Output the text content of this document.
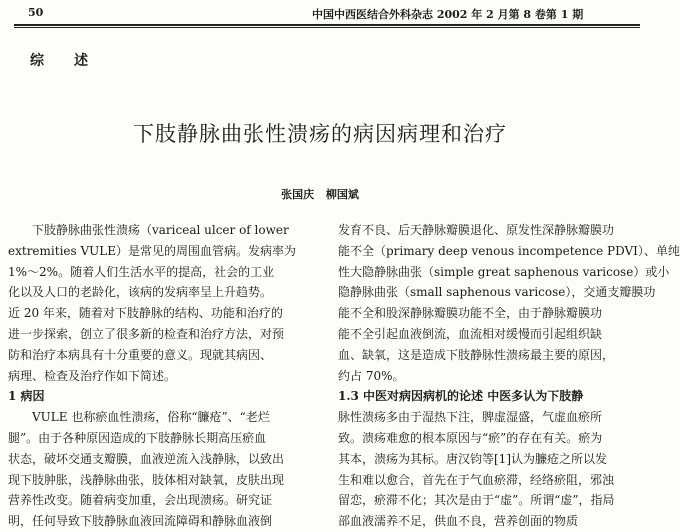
50	中国中西医结合外科杂志 2002 年 2 月第 8 卷第 1 期
综述
下肢静脉曲张性溃疡的病因病理和治疗
张国庆 柳国斌
下肢静脉曲张性溃疡（variceal ulcer of lower
extremities VULE）是常见的周围血管病。发病率为
1%～2%。随着人们生活水平的提高，社会的工业
化以及人口的老龄化，该病的发病率呈上升趋势。
近 20 年来，随着对下肢静脉的结构、功能和治疗的
进一步探索，创立了很多新的检查和治疗方法，对预
防和治疗本病具有十分重要的意义。现就其病因、
病理、检查及治疗作如下简述。
1 病因
VULE 也称瘀血性溃疡，俗称“臁疮”、“老烂
腿”。由于各种原因造成的下肢静脉长期高压瘀血
状态，破坏交通支瓣膜，血液逆流入浅静脉，以致出
现下肢肿胀，浅静脉曲张，肢体相对缺氧，皮肤出现
营养性改变。随着病变加重，会出现溃疡。研究证
明，任何导致下肢静脉血液回流障碍和静脉血液倒
发育不良、后天静脉瓣膜退化、原发性深静脉瓣膜功
能不全（primary deep venous incompetence PDVI）、单纯
性大隐静脉曲张（simple great saphenous varicose）或小
隐静脉曲张（small saphenous varicose），交通支瓣膜功
能不全和股深静脉瓣膜功能不全，由于静脉瓣膜功
能不全引起血液倒流，血流相对缓慢而引起组织缺
血、缺氧，这是造成下肢静脉性溃疡最主要的原因，
约占 70%。
1.3 中医对病因病机的论述 中医多认为下肢静
脉性溃疡多由于湿热下注，脾虚湿盛，气虚血瘀所
致。溃疡难愈的根本原因与“瘀”的存在有关。瘀为
其本，溃疡为其标。唐汉钧等[1]认为臁疮之所以发
生和难以愈合，首先在于气血瘀滞，经络瘀阻，邪浊
留恋，瘀滞不化；其次是由于“虚”。所谓“虚”，指局
部血液濡养不足，供血不良，营养创面的物质
